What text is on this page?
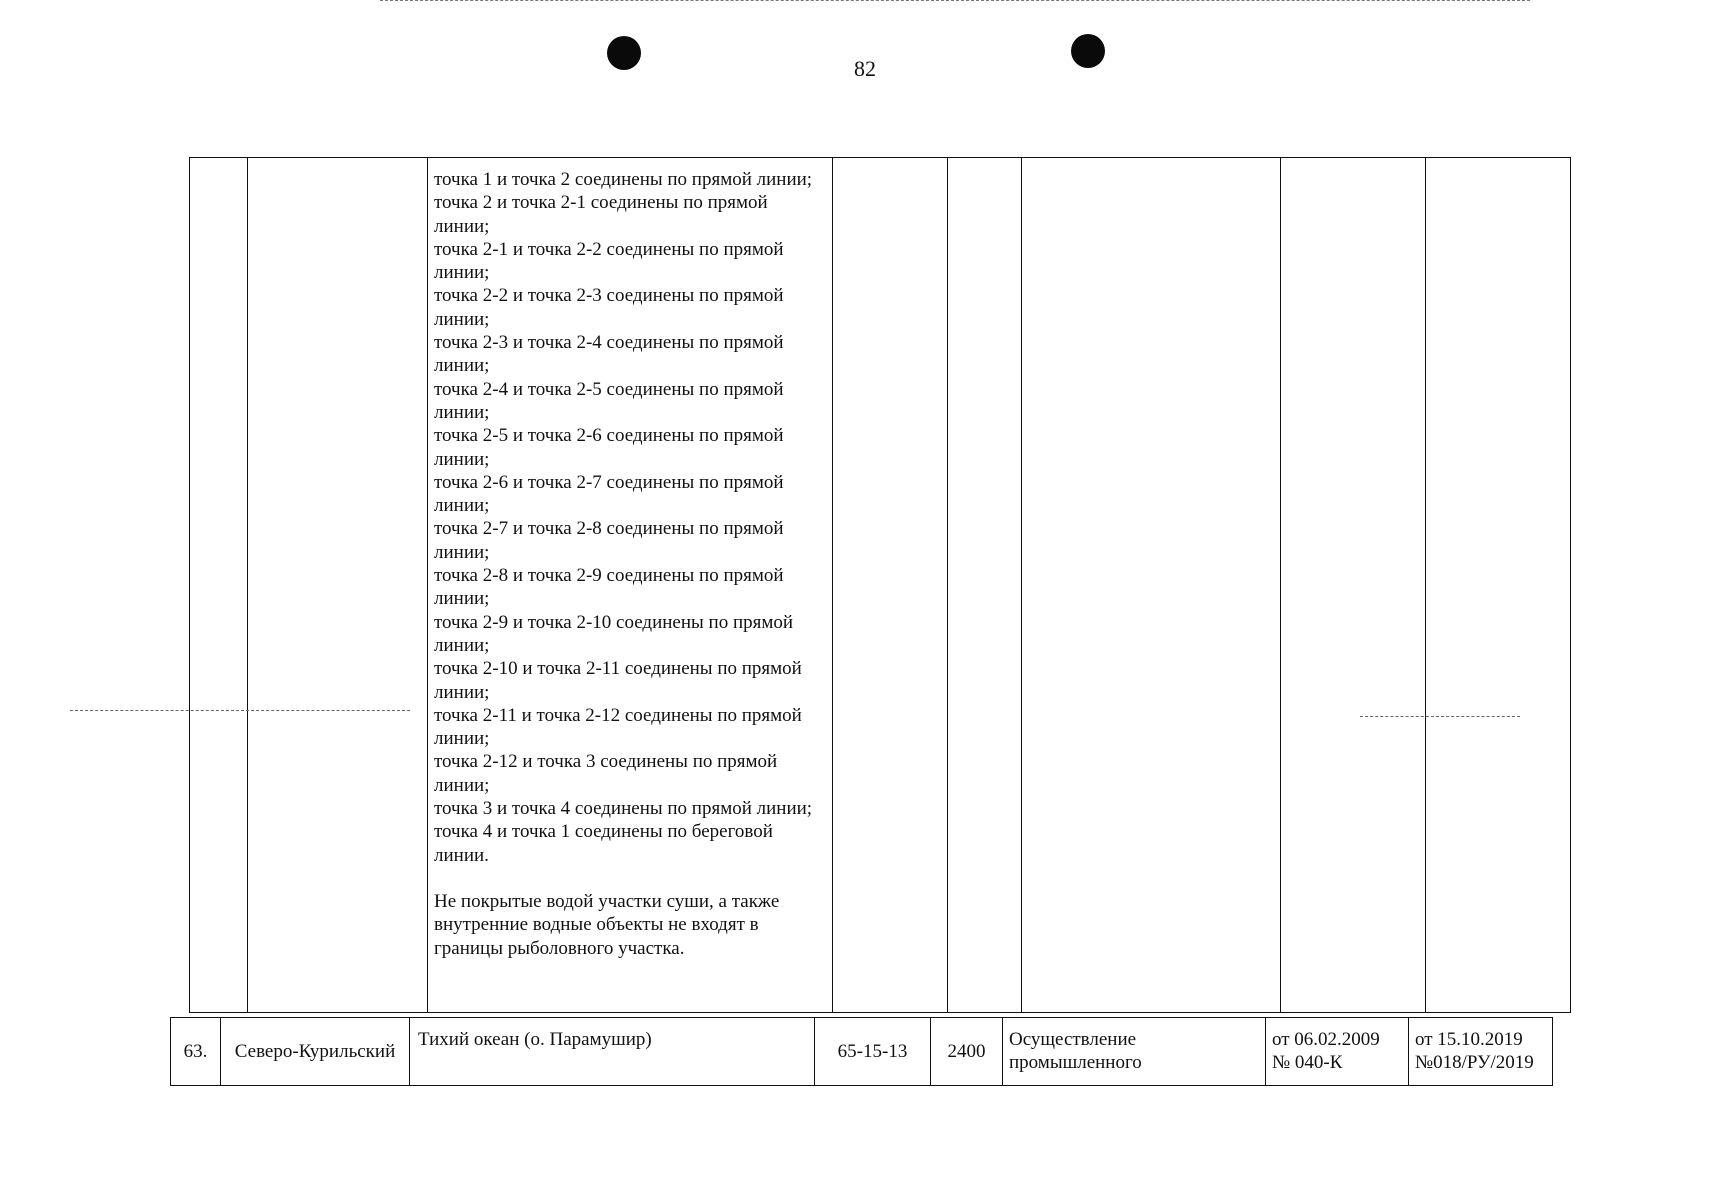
82
точка 1 и точка 2 соединены по прямой линии;
точка 2 и точка 2-1 соединены по прямой линии;
точка 2-1 и точка 2-2 соединены по прямой линии;
точка 2-2 и точка 2-3 соединены по прямой линии;
точка 2-3 и точка 2-4 соединены по прямой линии;
точка 2-4 и точка 2-5 соединены по прямой линии;
точка 2-5 и точка 2-6 соединены по прямой линии;
точка 2-6 и точка 2-7 соединены по прямой линии;
точка 2-7 и точка 2-8 соединены по прямой линии;
точка 2-8 и точка 2-9 соединены по прямой линии;
точка 2-9 и точка 2-10 соединены по прямой линии;
точка 2-10 и точка 2-11 соединены по прямой линии;
точка 2-11 и точка 2-12 соединены по прямой линии;
точка 2-12 и точка 3 соединены по прямой линии;
точка 3 и точка 4 соединены по прямой линии;
точка 4 и точка 1 соединены по береговой линии.
Не покрытые водой участки суши, а также внутренние водные объекты не входят в границы рыболовного участка.
63.	Северо-Курильский
Тихий океан (о. Парамушир)
65-15-13	2400
Осуществление
промышленного
от 06.02.2009
№ 040-К
от 15.10.2019
№018/РУ/2019
